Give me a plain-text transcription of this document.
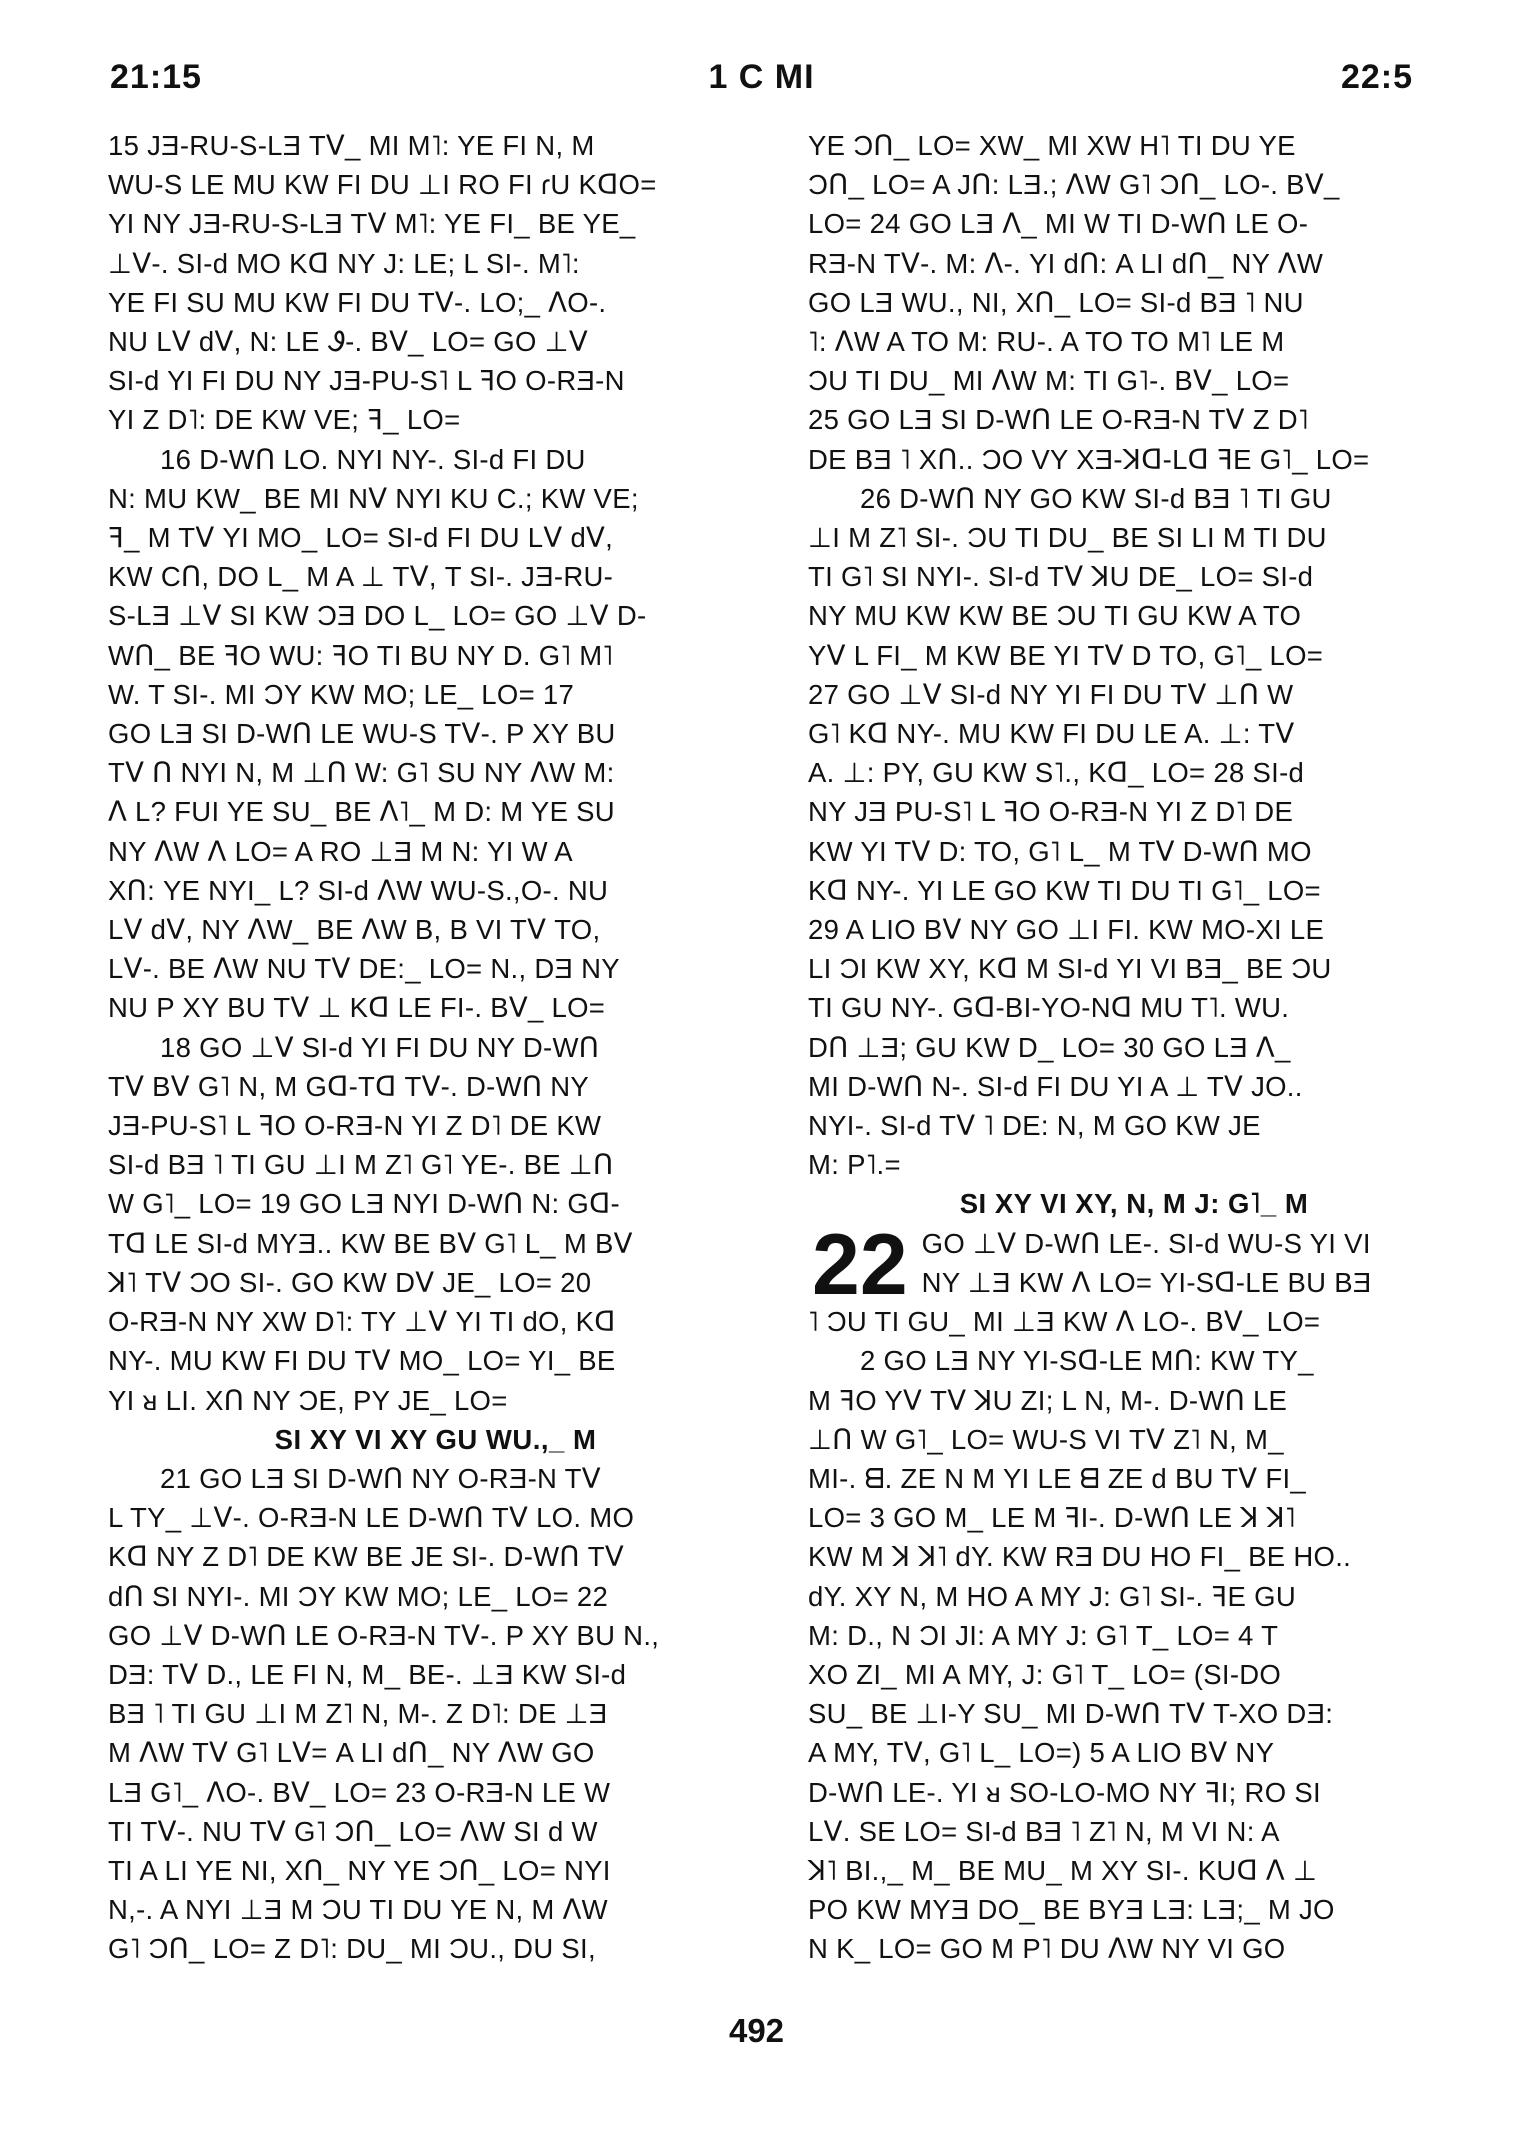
21:15	1 C MI	22:5

15 JƎ-RU-S-LƎ Tᐯ_ MI M˥: YE FI N, M
WU-S LE MU KW FI DU ⊥I RO FI ɾU KᗡO=
YI NY JƎ-RU-S-LƎ Tᐯ M˥: YE FI_ BE YE_
⊥ᐯ-. SI-d MO Kᗡ NY J: LE; L SI-. M˥:
YE FI SU MU KW FI DU Tᐯ-. LO;_ ᐱO-.
NU Lᐯ dᐯ, N: LE Ꮽ-. Bᐯ_ LO= GO ⊥ᐯ
SI-d YI FI DU NY JƎ-PU-S˥ L ꟻO O-RƎ-N
YI Z D˥: DE KW VE; ꟻ_ LO=

16 D-Wᑎ LO. NYI NY-. SI-d FI DU
N: MU KW_ BE MI Nᐯ NYI KU C.; KW VE;
ꟻ_ M Tᐯ YI MO_ LO= SI-d FI DU Lᐯ dᐯ,
KW Cᑎ, DO L_ M A ⊥ Tᐯ, T SI-. JƎ-RU-
S-LƎ ⊥ᐯ SI KW ƆƎ DO L_ LO= GO ⊥ᐯ D-
Wᑎ_ BE ꟻO WU: ꟻO TI BU NY D. G˥ M˥
W. T SI-. MI ƆY KW MO; LE_ LO= 17
GO LƎ SI D-Wᑎ LE WU-S Tᐯ-. P XY BU
Tᐯ ᑎ NYI N, M ⊥ᑎ W: G˥ SU NY ᐱW M:
ᐱ L? FUI YE SU_ BE ᐱ˥_ M D: M YE SU
NY ᐱW ᐱ LO= A RO ⊥Ǝ M N: YI W A
Xᑎ: YE NYI_ L? SI-d ᐱW WU-S.,O-. NU
Lᐯ dᐯ, NY ᐱW_ BE ᐱW B, B VI Tᐯ TO,
Lᐯ-. BE ᐱW NU Tᐯ DE:_ LO= N., DƎ NY
NU P XY BU Tᐯ ⊥ Kᗡ LE FI-. Bᐯ_ LO=

18 GO ⊥ᐯ SI-d YI FI DU NY D-Wᑎ
Tᐯ Bᐯ G˥ N, M Gᗡ-Tᗡ Tᐯ-. D-Wᑎ NY
JƎ-PU-S˥ L ꟻO O-RƎ-N YI Z D˥ DE KW
SI-d BƎ ˥ TI GU ⊥I M Z˥ G˥ YE-. BE ⊥ᑎ
W G˥_ LO= 19 GO LƎ NYI D-Wᑎ N: Gᗡ-
Tᗡ LE SI-d MYƎ.. KW BE Bᐯ G˥ L_ M Bᐯ
ꓘ˥ Tᐯ ƆO SI-. GO KW Dᐯ JE_ LO= 20
O-RƎ-N NY XW D˥: TY ⊥ᐯ YI TI dO, Kᗡ
NY-. MU KW FI DU Tᐯ MO_ LO= YI_ BE
YI ᴚ LI. Xᑎ NY ƆE, PY JE_ LO=

SI XY VI XY GU WU.,_ M

21 GO LƎ SI D-Wᑎ NY O-RƎ-N Tᐯ
L TY_ ⊥ᐯ-. O-RƎ-N LE D-Wᑎ Tᐯ LO. MO
Kᗡ NY Z D˥ DE KW BE JE SI-. D-Wᑎ Tᐯ
dᑎ SI NYI-. MI ƆY KW MO; LE_ LO= 22
GO ⊥ᐯ D-Wᑎ LE O-RƎ-N Tᐯ-. P XY BU N.,
DƎ: Tᐯ D., LE FI N, M_ BE-. ⊥Ǝ KW SI-d
BƎ ˥ TI GU ⊥I M Z˥ N, M-. Z D˥: DE ⊥Ǝ
M ᐱW Tᐯ G˥ Lᐯ= A LI dᑎ_ NY ᐱW GO
LƎ G˥_ ᐱO-. Bᐯ_ LO= 23 O-RƎ-N LE W
TI Tᐯ-. NU Tᐯ G˥ Ɔᑎ_ LO= ᐱW SI d W
TI A LI YE NI, Xᑎ_ NY YE Ɔᑎ_ LO= NYI
N,-. A NYI ⊥Ǝ M ƆU TI DU YE N, M ᐱW
G˥ Ɔᑎ_ LO= Z D˥: DU_ MI ƆU., DU SI,

YE Ɔᑎ_ LO= XW_ MI XW H˥ TI DU YE
Ɔᑎ_ LO= A Jᑎ: LƎ.; ᐱW G˥ Ɔᑎ_ LO-. Bᐯ_
LO= 24 GO LƎ ᐱ_ MI W TI D-Wᑎ LE O-
RƎ-N Tᐯ-. M: ᐱ-. YI dᑎ: A LI dᑎ_ NY ᐱW
GO LƎ WU., NI, Xᑎ_ LO= SI-d BƎ ˥ NU
˥: ᐱW A TO M: RU-. A TO TO M˥ LE M
ƆU TI DU_ MI ᐱW M: TI G˥-. Bᐯ_ LO=
25 GO LƎ SI D-Wᑎ LE O-RƎ-N Tᐯ Z D˥
DE BƎ ˥ Xᑎ.. ƆO VY XƎ-ꓘᗡ-Lᗡ ꟻE G˥_ LO=

26 D-Wᑎ NY GO KW SI-d BƎ ˥ TI GU
⊥I M Z˥ SI-. ƆU TI DU_ BE SI LI M TI DU
TI G˥ SI NYI-. SI-d Tᐯ ꓘU DE_ LO= SI-d
NY MU KW KW BE ƆU TI GU KW A TO
Yᐯ L FI_ M KW BE YI Tᐯ D TO, G˥_ LO=
27 GO ⊥ᐯ SI-d NY YI FI DU Tᐯ ⊥ᑎ W
G˥ Kᗡ NY-. MU KW FI DU LE A. ⊥: Tᐯ
A. ⊥: PY, GU KW S˥., Kᗡ_ LO= 28 SI-d
NY JƎ PU-S˥ L ꟻO O-RƎ-N YI Z D˥ DE
KW YI Tᐯ D: TO, G˥ L_ M Tᐯ D-Wᑎ MO
Kᗡ NY-. YI LE GO KW TI DU TI G˥_ LO=
29 A LIO Bᐯ NY GO ⊥I FI. KW MO-XI LE
LI ƆI KW XY, Kᗡ M SI-d YI VI BƎ_ BE ƆU
TI GU NY-. Gᗡ-BI-YO-Nᗡ MU T˥. WU.
Dᑎ ⊥Ǝ; GU KW D_ LO= 30 GO LƎ ᐱ_
MI D-Wᑎ N-. SI-d FI DU YI A ⊥ Tᐯ JO..
NYI-. SI-d Tᐯ ˥ DE: N, M GO KW JE
M: P˥.=

SI XY VI XY, N, M J: G˥_ M

22 GO ⊥ᐯ D-Wᑎ LE-. SI-d WU-S YI VI
NY ⊥Ǝ KW ᐱ LO= YI-Sᗡ-LE BU BƎ
˥ ƆU TI GU_ MI ⊥Ǝ KW ᐱ LO-. Bᐯ_ LO=

2 GO LƎ NY YI-Sᗡ-LE Mᑎ: KW TY_
M ꟻO Yᐯ Tᐯ ꓘU ZI; L N, M-. D-Wᑎ LE
⊥ᑎ W G˥_ LO= WU-S VI Tᐯ Z˥ N, M_
MI-. ᗺ. ZE N M YI LE ᗺ ZE d BU Tᐯ FI_
LO= 3 GO M_ LE M ꟻI-. D-Wᑎ LE ꓘ ꓘ˥
KW M ꓘ ꓘ˥ dY. KW RƎ DU HO FI_ BE HO..
dY. XY N, M HO A MY J: G˥ SI-. ꟻE GU
M: D., N ƆI JI: A MY J: G˥ T_ LO= 4 T
XO ZI_ MI A MY, J: G˥ T_ LO= (SI-DO
SU_ BE ⊥I-Y SU_ MI D-Wᑎ Tᐯ T-XO DƎ:
A MY, Tᐯ, G˥ L_ LO=) 5 A LIO Bᐯ NY
D-Wᑎ LE-. YI ᴚ SO-LO-MO NY ꟻI; RO SI
Lᐯ. SE LO= SI-d BƎ ˥ Z˥ N, M VI N: A
ꓘ˥ BI.,_ M_ BE MU_ M XY SI-. KUᗡ ᐱ ⊥
PO KW MYƎ DO_ BE BYƎ LƎ: LƎ;_ M JO
N K_ LO= GO M P˥ DU ᐱW NY VI GO

492
